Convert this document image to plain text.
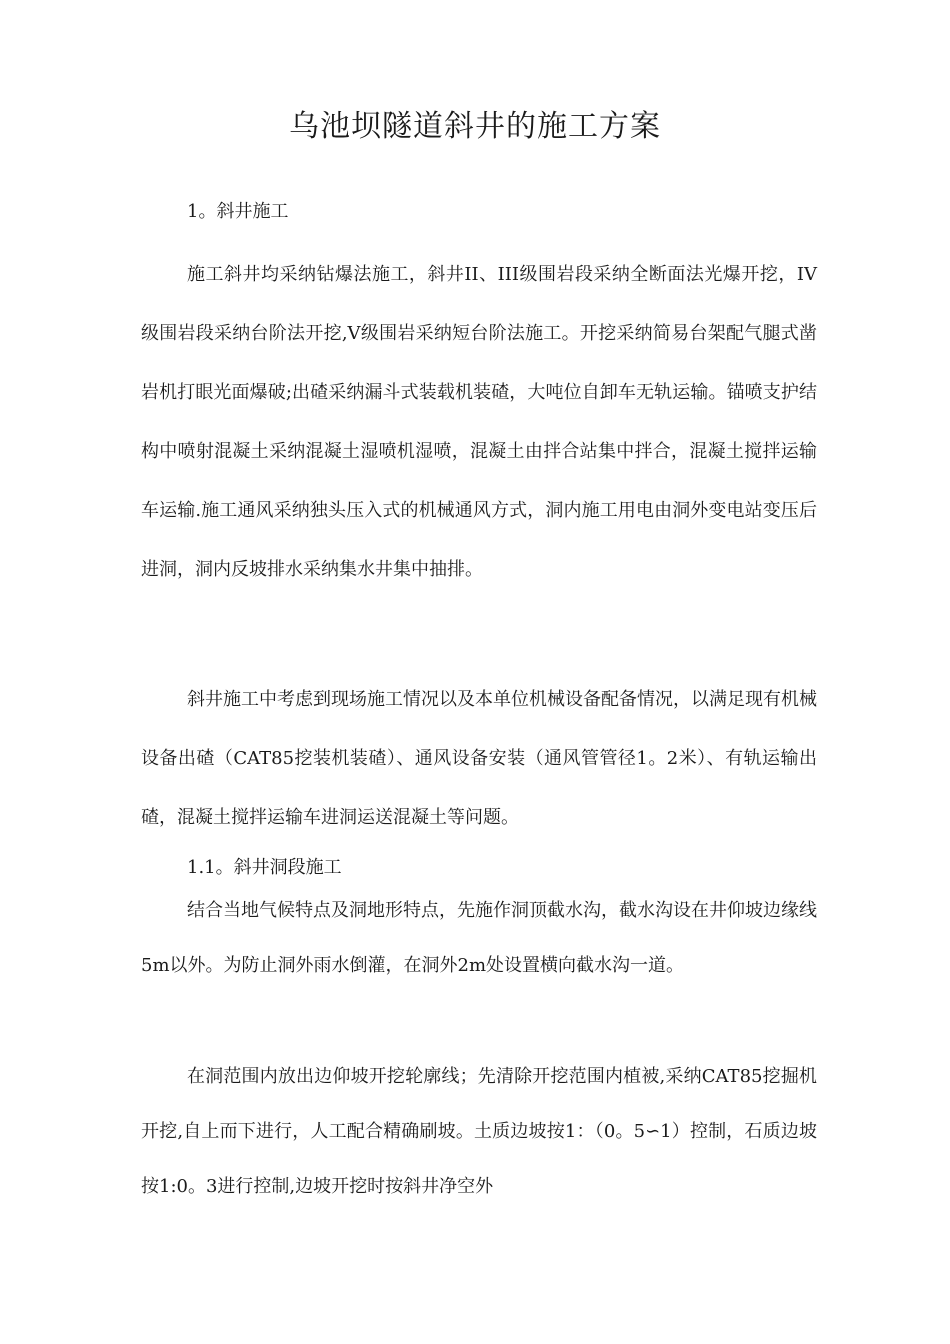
乌池坝隧道斜井的施工方案
1。斜井施工
施工斜井均采纳钻爆法施工，斜井II、III级围岩段采纳全断面法光爆开挖，IV级围岩段采纳台阶法开挖,V级围岩采纳短台阶法施工。开挖采纳简易台架配气腿式凿岩机打眼光面爆破;出碴采纳漏斗式装载机装碴，大吨位自卸车无轨运输。锚喷支护结构中喷射混凝土采纳混凝土湿喷机湿喷，混凝土由拌合站集中拌合，混凝土搅拌运输车运输.施工通风采纳独头压入式的机械通风方式，洞内施工用电由洞外变电站变压后进洞，洞内反坡排水采纳集水井集中抽排。
斜井施工中考虑到现场施工情况以及本单位机械设备配备情况，以满足现有机械设备出碴（CAT85挖装机装碴）、通风设备安装（通风管管径1。2米）、有轨运输出碴，混凝土搅拌运输车进洞运送混凝土等问题。
1.1。斜井洞段施工
结合当地气候特点及洞地形特点，先施作洞顶截水沟，截水沟设在井仰坡边缘线5m以外。为防止洞外雨水倒灌，在洞外2m处设置横向截水沟一道。
在洞范围内放出边仰坡开挖轮廓线；先清除开挖范围内植被,采纳CAT85挖掘机开挖,自上而下进行，人工配合精确刷坡。土质边坡按1：（0。5∽1）控制，石质边坡按1:0。3进行控制,边坡开挖时按斜井净空外
